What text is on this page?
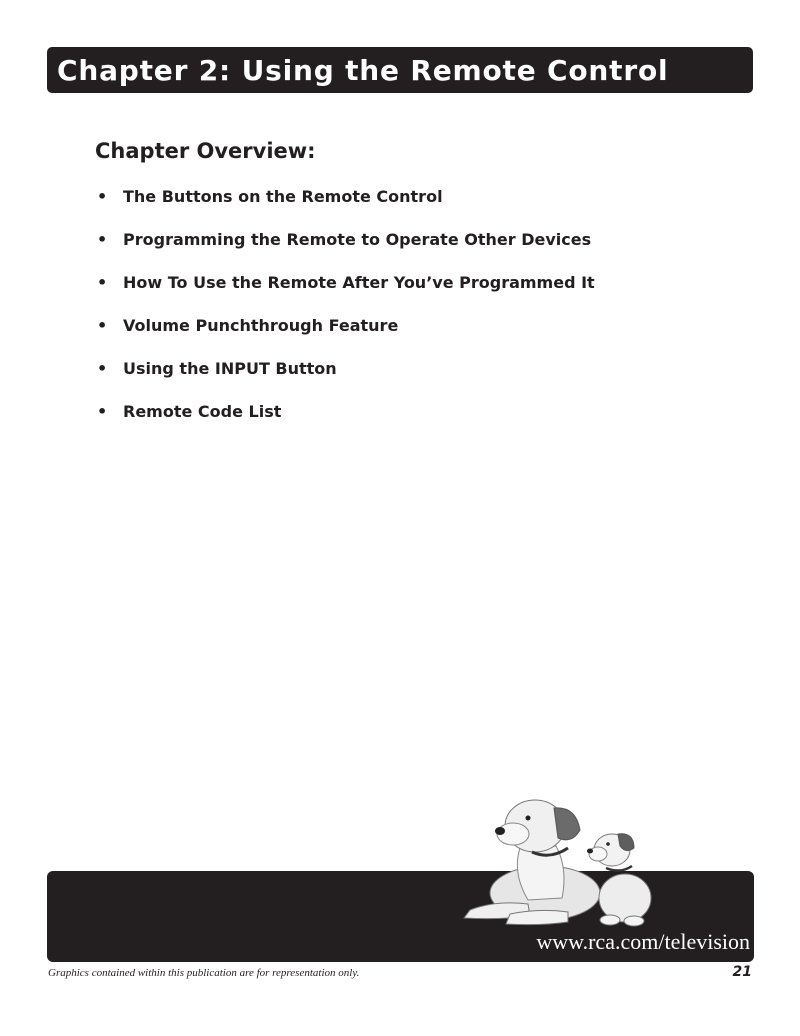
Chapter 2: Using the Remote Control
Chapter Overview:
• The Buttons on the Remote Control
• Programming the Remote to Operate Other Devices
• How To Use the Remote After You’ve Programmed It
• Volume Punchthrough Feature
• Using the INPUT Button
• Remote Code List
www.rca.com/television
Graphics contained within this publication are for representation only.	21
